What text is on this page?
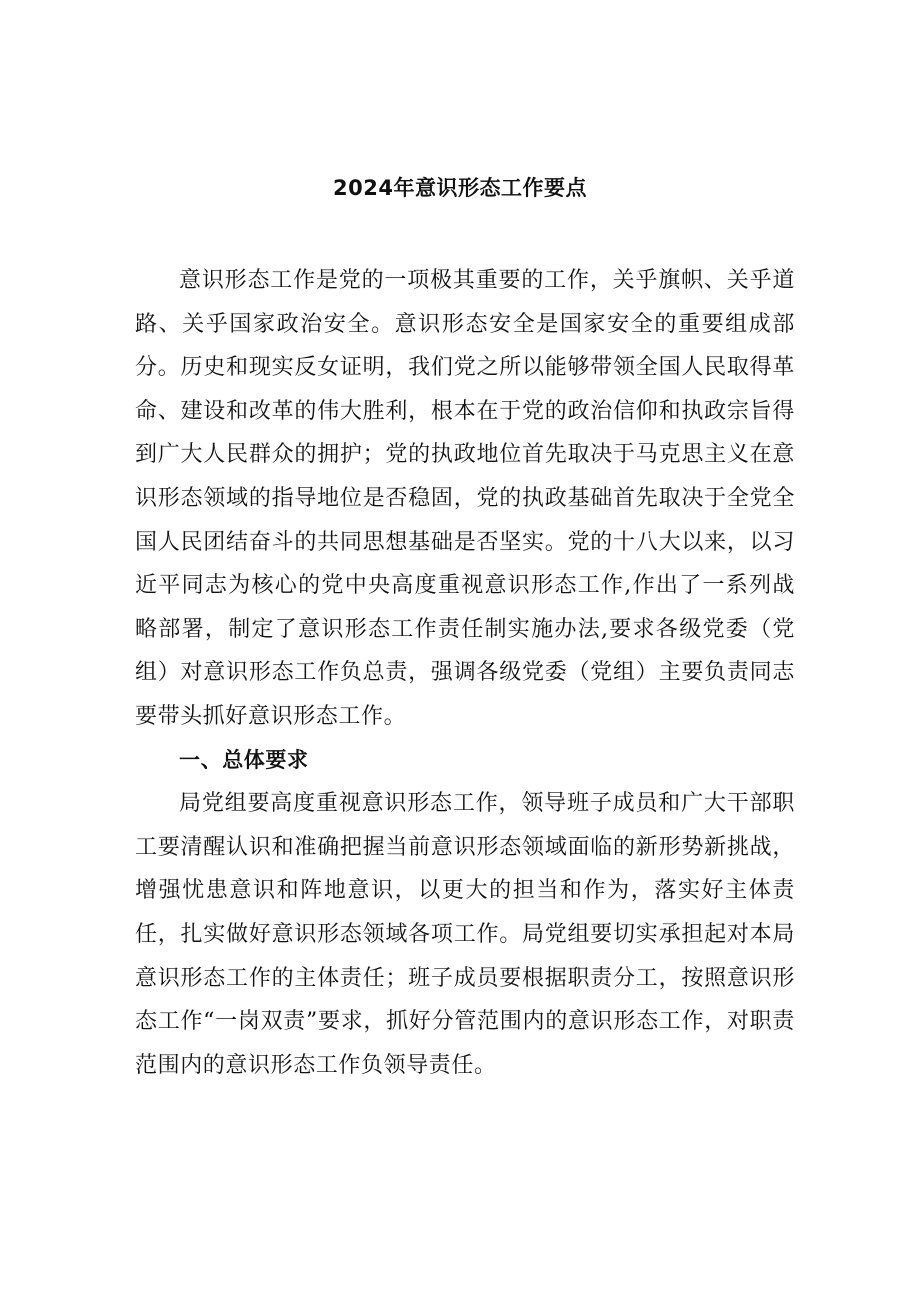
2024年意识形态工作要点

意识形态工作是党的一项极其重要的工作，关乎旗帜、关乎道路、关乎国家政治安全。意识形态安全是国家安全的重要组成部分。历史和现实反女证明，我们党之所以能够带领全国人民取得革命、建设和改革的伟大胜利，根本在于党的政治信仰和执政宗旨得到广大人民群众的拥护；党的执政地位首先取决于马克思主义在意识形态领域的指导地位是否稳固，党的执政基础首先取决于全党全国人民团结奋斗的共同思想基础是否坚实。党的十八大以来，以习近平同志为核心的党中央高度重视意识形态工作,作出了一系列战略部署，制定了意识形态工作责任制实施办法,要求各级党委（党组）对意识形态工作负总责，强调各级党委（党组）主要负责同志要带头抓好意识形态工作。

一、总体要求

局党组要高度重视意识形态工作，领导班子成员和广大干部职工要清醒认识和准确把握当前意识形态领域面临的新形势新挑战，增强忧患意识和阵地意识，以更大的担当和作为，落实好主体责任，扎实做好意识形态领域各项工作。局党组要切实承担起对本局意识形态工作的主体责任；班子成员要根据职责分工，按照意识形态工作“一岗双责”要求，抓好分管范围内的意识形态工作，对职责范围内的意识形态工作负领导责任。
